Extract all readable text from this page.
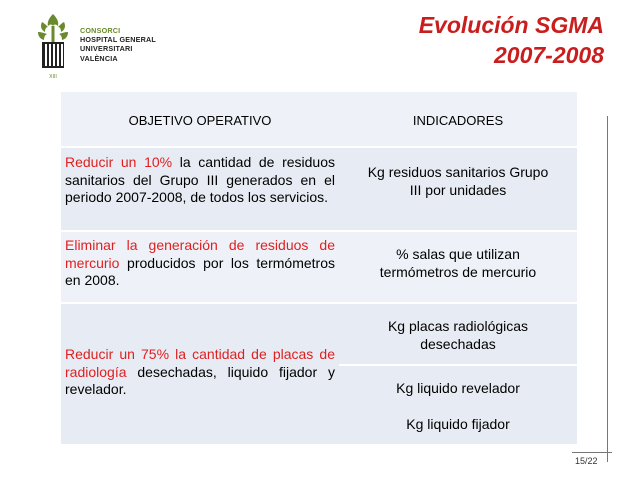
XIII
CONSORCI
HOSPITAL GENERAL
UNIVERSITARI
VALÈNCIA
Evolución SGMA
2007-2008
OBJETIVO OPERATIVO	INDICADORES
Reducir un 10% la cantidad de residuos sanitarios del Grupo III generados en el periodo 2007-2008, de todos los servicios.
Kg residuos sanitarios Grupo III por unidades
Eliminar la generación de residuos de mercurio producidos por los termómetros en 2008.
% salas que utilizan termómetros de mercurio
Reducir un 75% la cantidad de placas de radiología desechadas, liquido fijador y revelador.
Kg placas radiológicas desechadas
Kg liquido revelador
Kg liquido fijador
15/22
